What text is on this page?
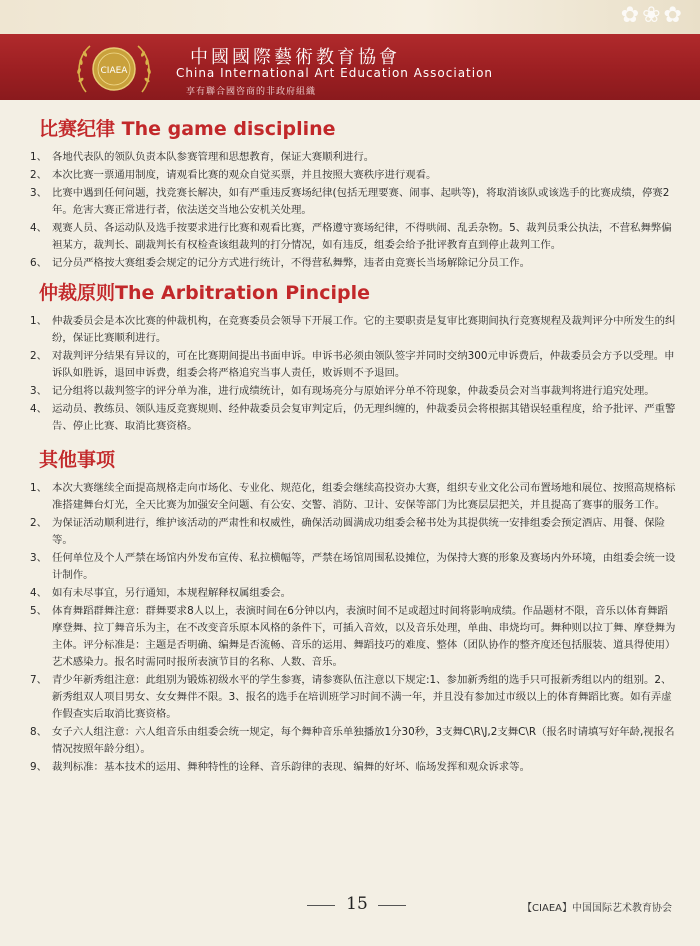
✿ ❀ ✿
CIAEA
中國國際藝術教育協會
China International Art Education Association
享有聯合國咨商的非政府組織
比赛纪律 The game discipline
1、 各地代表队的领队负责本队参赛管理和思想教育，保证大赛顺利进行。
2、 本次比赛一票通用制度，请观看比赛的观众自觉买票，并且按照大赛秩序进行观看。
3、 比赛中遇到任何问题，找竞赛长解决，如有严重违反赛场纪律(包括无理要赛、闹事、起哄等)，将取消该队或该选手的比赛成绩，停赛2年。危害大赛正常进行者，依法送交当地公安机关处理。
4、 观赛人员、各运动队及选手按要求进行比赛和观看比赛，严格遵守赛场纪律，不得哄闹、乱丢杂物。5、裁判员秉公执法，不营私舞弊偏袒某方，裁判长、副裁判长有权检查该组裁判的打分情况，如有违反，组委会给予批评教育直到停止裁判工作。
6、 记分员严格按大赛组委会规定的记分方式进行统计，不得营私舞弊，违者由竞赛长当场解除记分员工作。
仲裁原则The Arbitration Pinciple
1、 仲裁委员会是本次比赛的仲裁机构，在竞赛委员会领导下开展工作。它的主要职责是复审比赛期间执行竞赛规程及裁判评分中所发生的纠纷，保证比赛顺利进行。
2、 对裁判评分结果有异议的，可在比赛期间提出书面申诉。申诉书必须由领队签字并同时交纳300元申诉费后，仲裁委员会方予以受理。申诉队如胜诉，退回申诉费，组委会将严格追究当事人责任，败诉则不予退回。
3、 记分组将以裁判签字的评分单为准，进行成绩统计，如有现场亮分与原始评分单不符现象，仲裁委员会对当事裁判将进行追究处理。
4、 运动员、教练员、领队违反竞赛规则、经仲裁委员会复审判定后，仍无理纠缠的，仲裁委员会将根据其错误轻重程度，给予批评、严重警告、停止比赛、取消比赛资格。
其他事项
1、 本次大赛继续全面提高规格走向市场化、专业化、规范化，组委会继续高投资办大赛，组织专业文化公司布置场地和展位、按照高规格标准搭建舞台灯光，全天比赛为加强安全问题、有公安、交警、消防、卫计、安保等部门为比赛层层把关，并且提高了赛事的服务工作。
2、 为保证活动顺利进行，维护该活动的严肃性和权威性，确保活动圆满成功组委会秘书处为其提供统一安排组委会预定酒店、用餐、保险等。
3、 任何单位及个人严禁在场馆内外发布宣传、私拉横幅等，严禁在场馆周围私设摊位，为保持大赛的形象及赛场内外环境，由组委会统一设计制作。
4、 如有未尽事宜，另行通知，本规程解释权属组委会。
5、 体育舞蹈群舞注意：群舞要求8人以上，表演时间在6分钟以内，表演时间不足或超过时间将影响成绩。作品题材不限，音乐以体育舞蹈摩登舞、拉丁舞音乐为主，在不改变音乐原本风格的条件下，可插入音效，以及音乐处理，单曲、串烧均可。舞种则以拉丁舞、摩登舞为主体。评分标准是：主题是否明确、编舞是否流畅、音乐的运用、舞蹈技巧的难度、整体（团队协作的整齐度还包括服装、道具得使用）艺术感染力。报名时需同时报所表演节目的名称、人数、音乐。
7、 青少年新秀组注意：此组别为锻炼初级水平的学生参赛，请参赛队伍注意以下规定:1、参加新秀组的选手只可报新秀组以内的组别。2、新秀组双人项目男女、女女舞伴不限。3、报名的选手在培训班学习时间不满一年，并且没有参加过市级以上的体育舞蹈比赛。如有弄虚作假查实后取消比赛资格。
8、 女子六人组注意：六人组音乐由组委会统一规定，每个舞种音乐单独播放1分30秒，3支舞C\R\J,2支舞C\R（报名时请填写好年龄,视报名情况按照年龄分组）。
9、 裁判标准：基本技术的运用、舞种特性的诠释、音乐韵律的表现、编舞的好坏、临场发挥和观众诉求等。
15	【CIAEA】中国国际艺术教育协会
